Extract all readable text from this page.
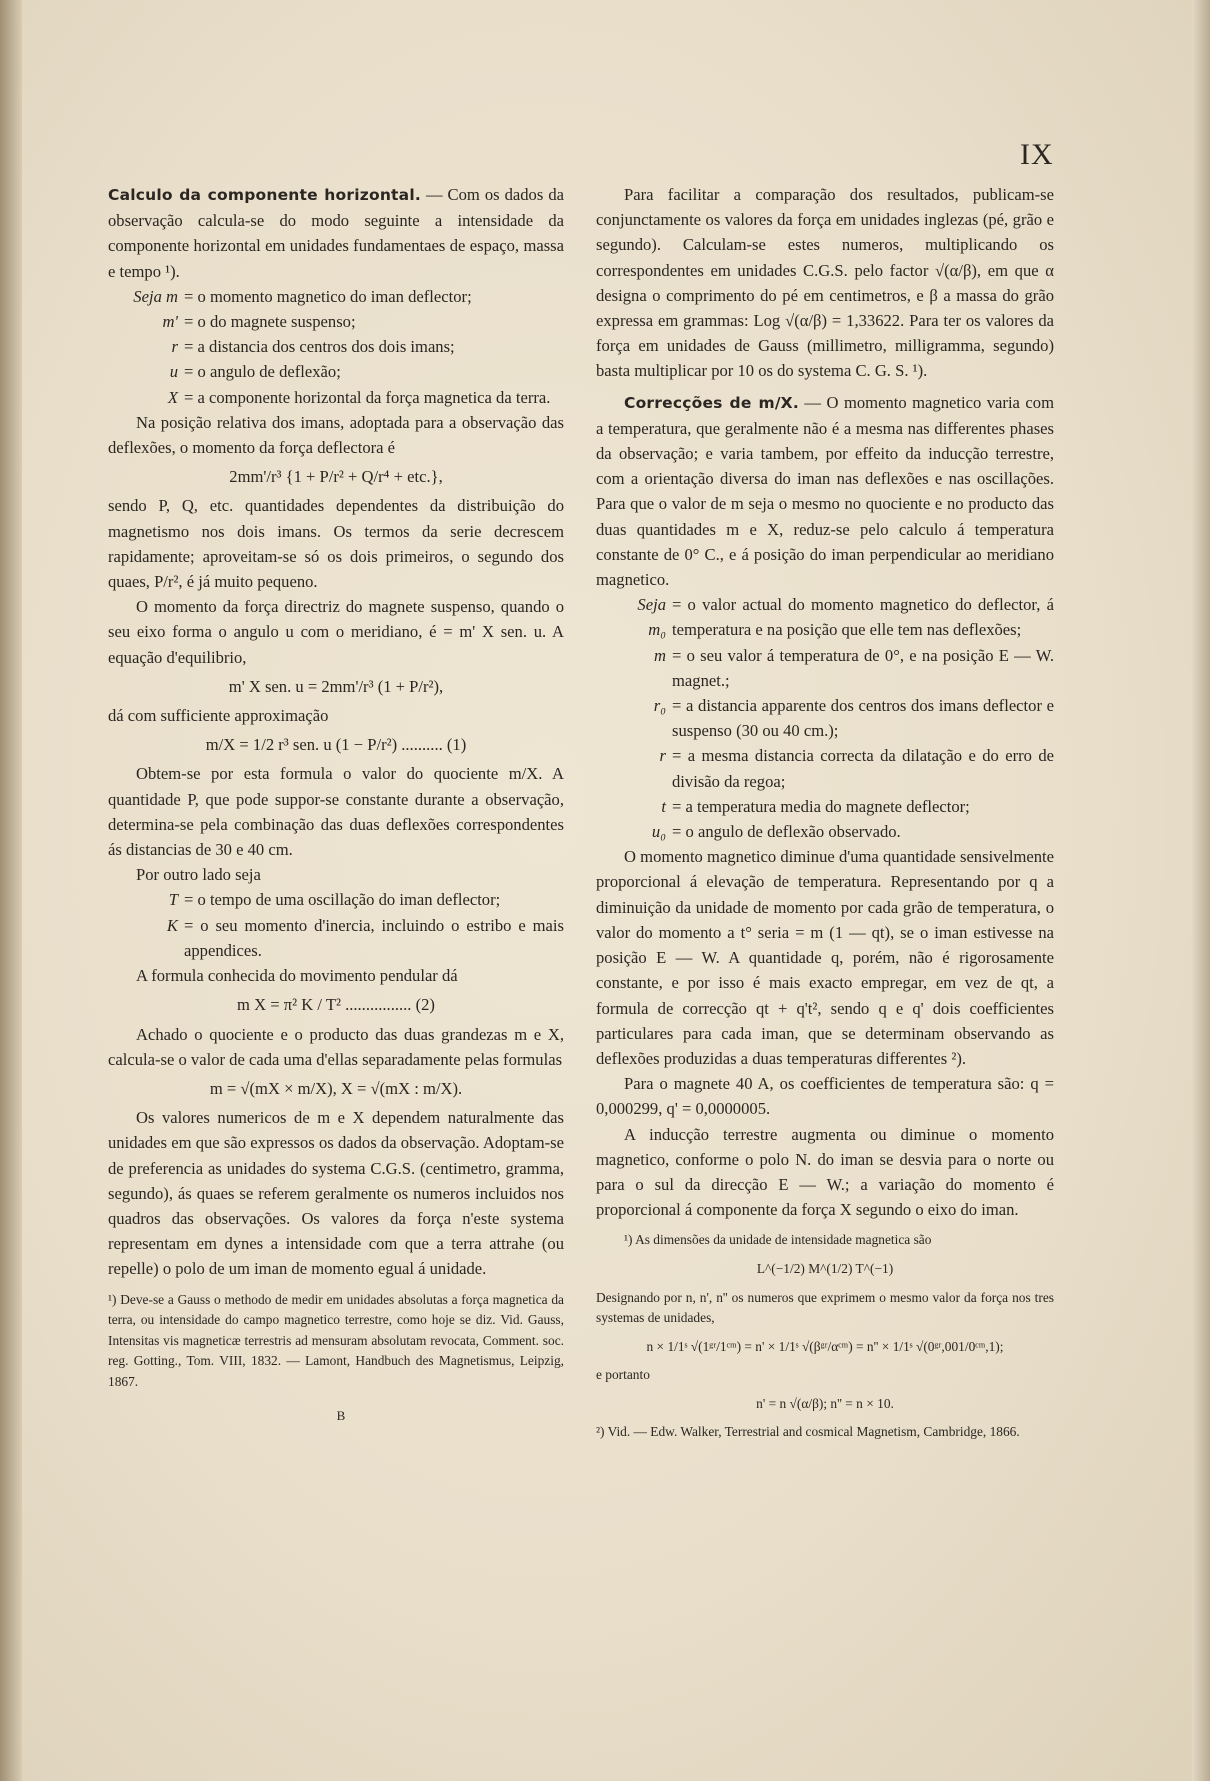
IX

Calculo da componente horizontal. — Com os dados da observação calcula-se do modo seguinte a intensidade da componente horizontal em unidades fundamentaes de espaço, massa e tempo ¹).

Seja m = o momento magnetico do iman deflector;
m' = o do magnete suspenso;
r = a distancia dos centros dos dois imans;
u = o angulo de deflexão;
X = a componente horizontal da força magnetica da terra.

Na posição relativa dos imans, adoptada para a observação das deflexões, o momento da força deflectora é

2mm'/r³ {1 + P/r² + Q/r⁴ + etc.},

sendo P, Q, etc. quantidades dependentes da distribuição do magnetismo nos dois imans. Os termos da serie decrescem rapidamente; aproveitam-se só os dois primeiros, o segundo dos quaes, P/r², é já muito pequeno.

O momento da força directriz do magnete suspenso, quando o seu eixo forma o angulo u com o meridiano, é = m' X sen. u. A equação d'equilibrio,

m' X sen. u = 2mm'/r³ (1 + P/r²),

dá com sufficiente approximação

m/X = 1/2 r³ sen. u (1 − P/r²) .......... (1)

Obtem-se por esta formula o valor do quociente m/X. A quantidade P, que pode suppor-se constante durante a observação, determina-se pela combinação das duas deflexões correspondentes ás distancias de 30 e 40 cm.

Por outro lado seja

T = o tempo de uma oscillação do iman deflector;
K = o seu momento d'inercia, incluindo o estribo e mais appendices.

A formula conhecida do movimento pendular dá

m X = π² K / T² ................ (2)

Achado o quociente e o producto das duas grandezas m e X, calcula-se o valor de cada uma d'ellas separadamente pelas formulas

m = √(mX × m/X), X = √(mX : m/X).

Os valores numericos de m e X dependem naturalmente das unidades em que são expressos os dados da observação. Adoptam-se de preferencia as unidades do systema C.G.S. (centimetro, gramma, segundo), ás quaes se referem geralmente os numeros incluidos nos quadros das observações. Os valores da força n'este systema representam em dynes a intensidade com que a terra attrahe (ou repelle) o polo de um iman de momento egual á unidade.

¹) Deve-se a Gauss o methodo de medir em unidades absolutas a força magnetica da terra, ou intensidade do campo magnetico terrestre, como hoje se diz. Vid. Gauss, Intensitas vis magneticæ terrestris ad mensuram absolutam revocata, Comment. soc. reg. Gotting., Tom. VIII, 1832. — Lamont, Handbuch des Magnetismus, Leipzig, 1867.

B

Para facilitar a comparação dos resultados, publicam-se conjunctamente os valores da força em unidades inglezas (pé, grão e segundo). Calculam-se estes numeros, multiplicando os correspondentes em unidades C.G.S. pelo factor √(α/β), em que α designa o comprimento do pé em centimetros, e β a massa do grão expressa em grammas: Log √(α/β) = 1,33622. Para ter os valores da força em unidades de Gauss (millimetro, milligramma, segundo) basta multiplicar por 10 os do systema C. G. S. ¹).

Correcções de m/X. — O momento magnetico varia com a temperatura, que geralmente não é a mesma nas differentes phases da observação; e varia tambem, por effeito da inducção terrestre, com a orientação diversa do iman nas deflexões e nas oscillações. Para que o valor de m seja o mesmo no quociente e no producto das duas quantidades m e X, reduz-se pelo calculo á temperatura constante de 0° C., e á posição do iman perpendicular ao meridiano magnetico.

Seja m₀
= o valor actual do momento magnetico do deflector, á temperatura e na posição que elle tem nas deflexões;
m = o seu valor á temperatura de 0°, e na posição E — W. magnet.;
r₀ = a distancia apparente dos centros dos imans deflector e suspenso (30 ou 40 cm.);
r = a mesma distancia correcta da dilatação e do erro de divisão da regoa;
t = a temperatura media do magnete deflector;
u₀ = o angulo de deflexão observado.

O momento magnetico diminue d'uma quantidade sensivelmente proporcional á elevação de temperatura. Representando por q a diminuição da unidade de momento por cada grão de temperatura, o valor do momento a t° seria = m (1 — qt), se o iman estivesse na posição E — W. A quantidade q, porém, não é rigorosamente constante, e por isso é mais exacto empregar, em vez de qt, a formula de correcção qt + q't², sendo q e q' dois coefficientes particulares para cada iman, que se determinam observando as deflexões produzidas a duas temperaturas differentes ²).

Para o magnete 40 A, os coefficientes de temperatura são: q = 0,000299, q' = 0,0000005.

A inducção terrestre augmenta ou diminue o momento magnetico, conforme o polo N. do iman se desvia para o norte ou para o sul da direcção E — W.; a variação do momento é proporcional á componente da força X segundo o eixo do iman.

¹) As dimensões da unidade de intensidade magnetica são

L^(−1/2) M^(1/2) T^(−1)

Designando por n, n', n'' os numeros que exprimem o mesmo valor da força nos tres systemas de unidades,

n × 1/1ˢ √(1ᵍʳ/1ᶜᵐ) = n' × 1/1ˢ √(βᵍʳ/αᶜᵐ) = n'' × 1/1ˢ √(0ᵍʳ,001/0ᶜᵐ,1);

e portanto

n' = n √(α/β); n'' = n × 10.

²) Vid. — Edw. Walker, Terrestrial and cosmical Magnetism, Cambridge, 1866.
